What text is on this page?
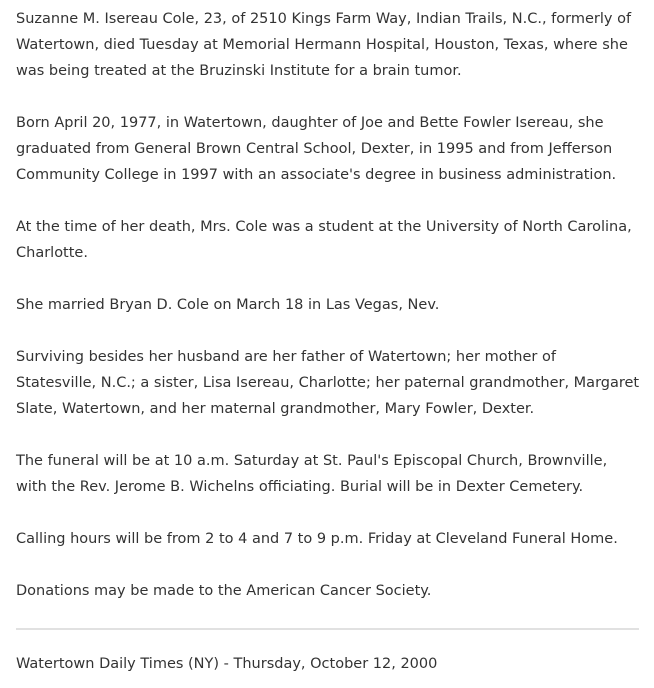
Suzanne M. Isereau Cole, 23, of 2510 Kings Farm Way, Indian Trails, N.C., formerly of Watertown, died Tuesday at Memorial Hermann Hospital, Houston, Texas, where she was being treated at the Bruzinski Institute for a brain tumor.

Born April 20, 1977, in Watertown, daughter of Joe and Bette Fowler Isereau, she graduated from General Brown Central School, Dexter, in 1995 and from Jefferson Community College in 1997 with an associate's degree in business administration.

At the time of her death, Mrs. Cole was a student at the University of North Carolina, Charlotte.

She married Bryan D. Cole on March 18 in Las Vegas, Nev.

Surviving besides her husband are her father of Watertown; her mother of Statesville, N.C.; a sister, Lisa Isereau, Charlotte; her paternal grandmother, Margaret Slate, Watertown, and her maternal grandmother, Mary Fowler, Dexter.

The funeral will be at 10 a.m. Saturday at St. Paul's Episcopal Church, Brownville, with the Rev. Jerome B. Wichelns officiating. Burial will be in Dexter Cemetery.

Calling hours will be from 2 to 4 and 7 to 9 p.m. Friday at Cleveland Funeral Home.

Donations may be made to the American Cancer Society.

Watertown Daily Times (NY) - Thursday, October 12, 2000
